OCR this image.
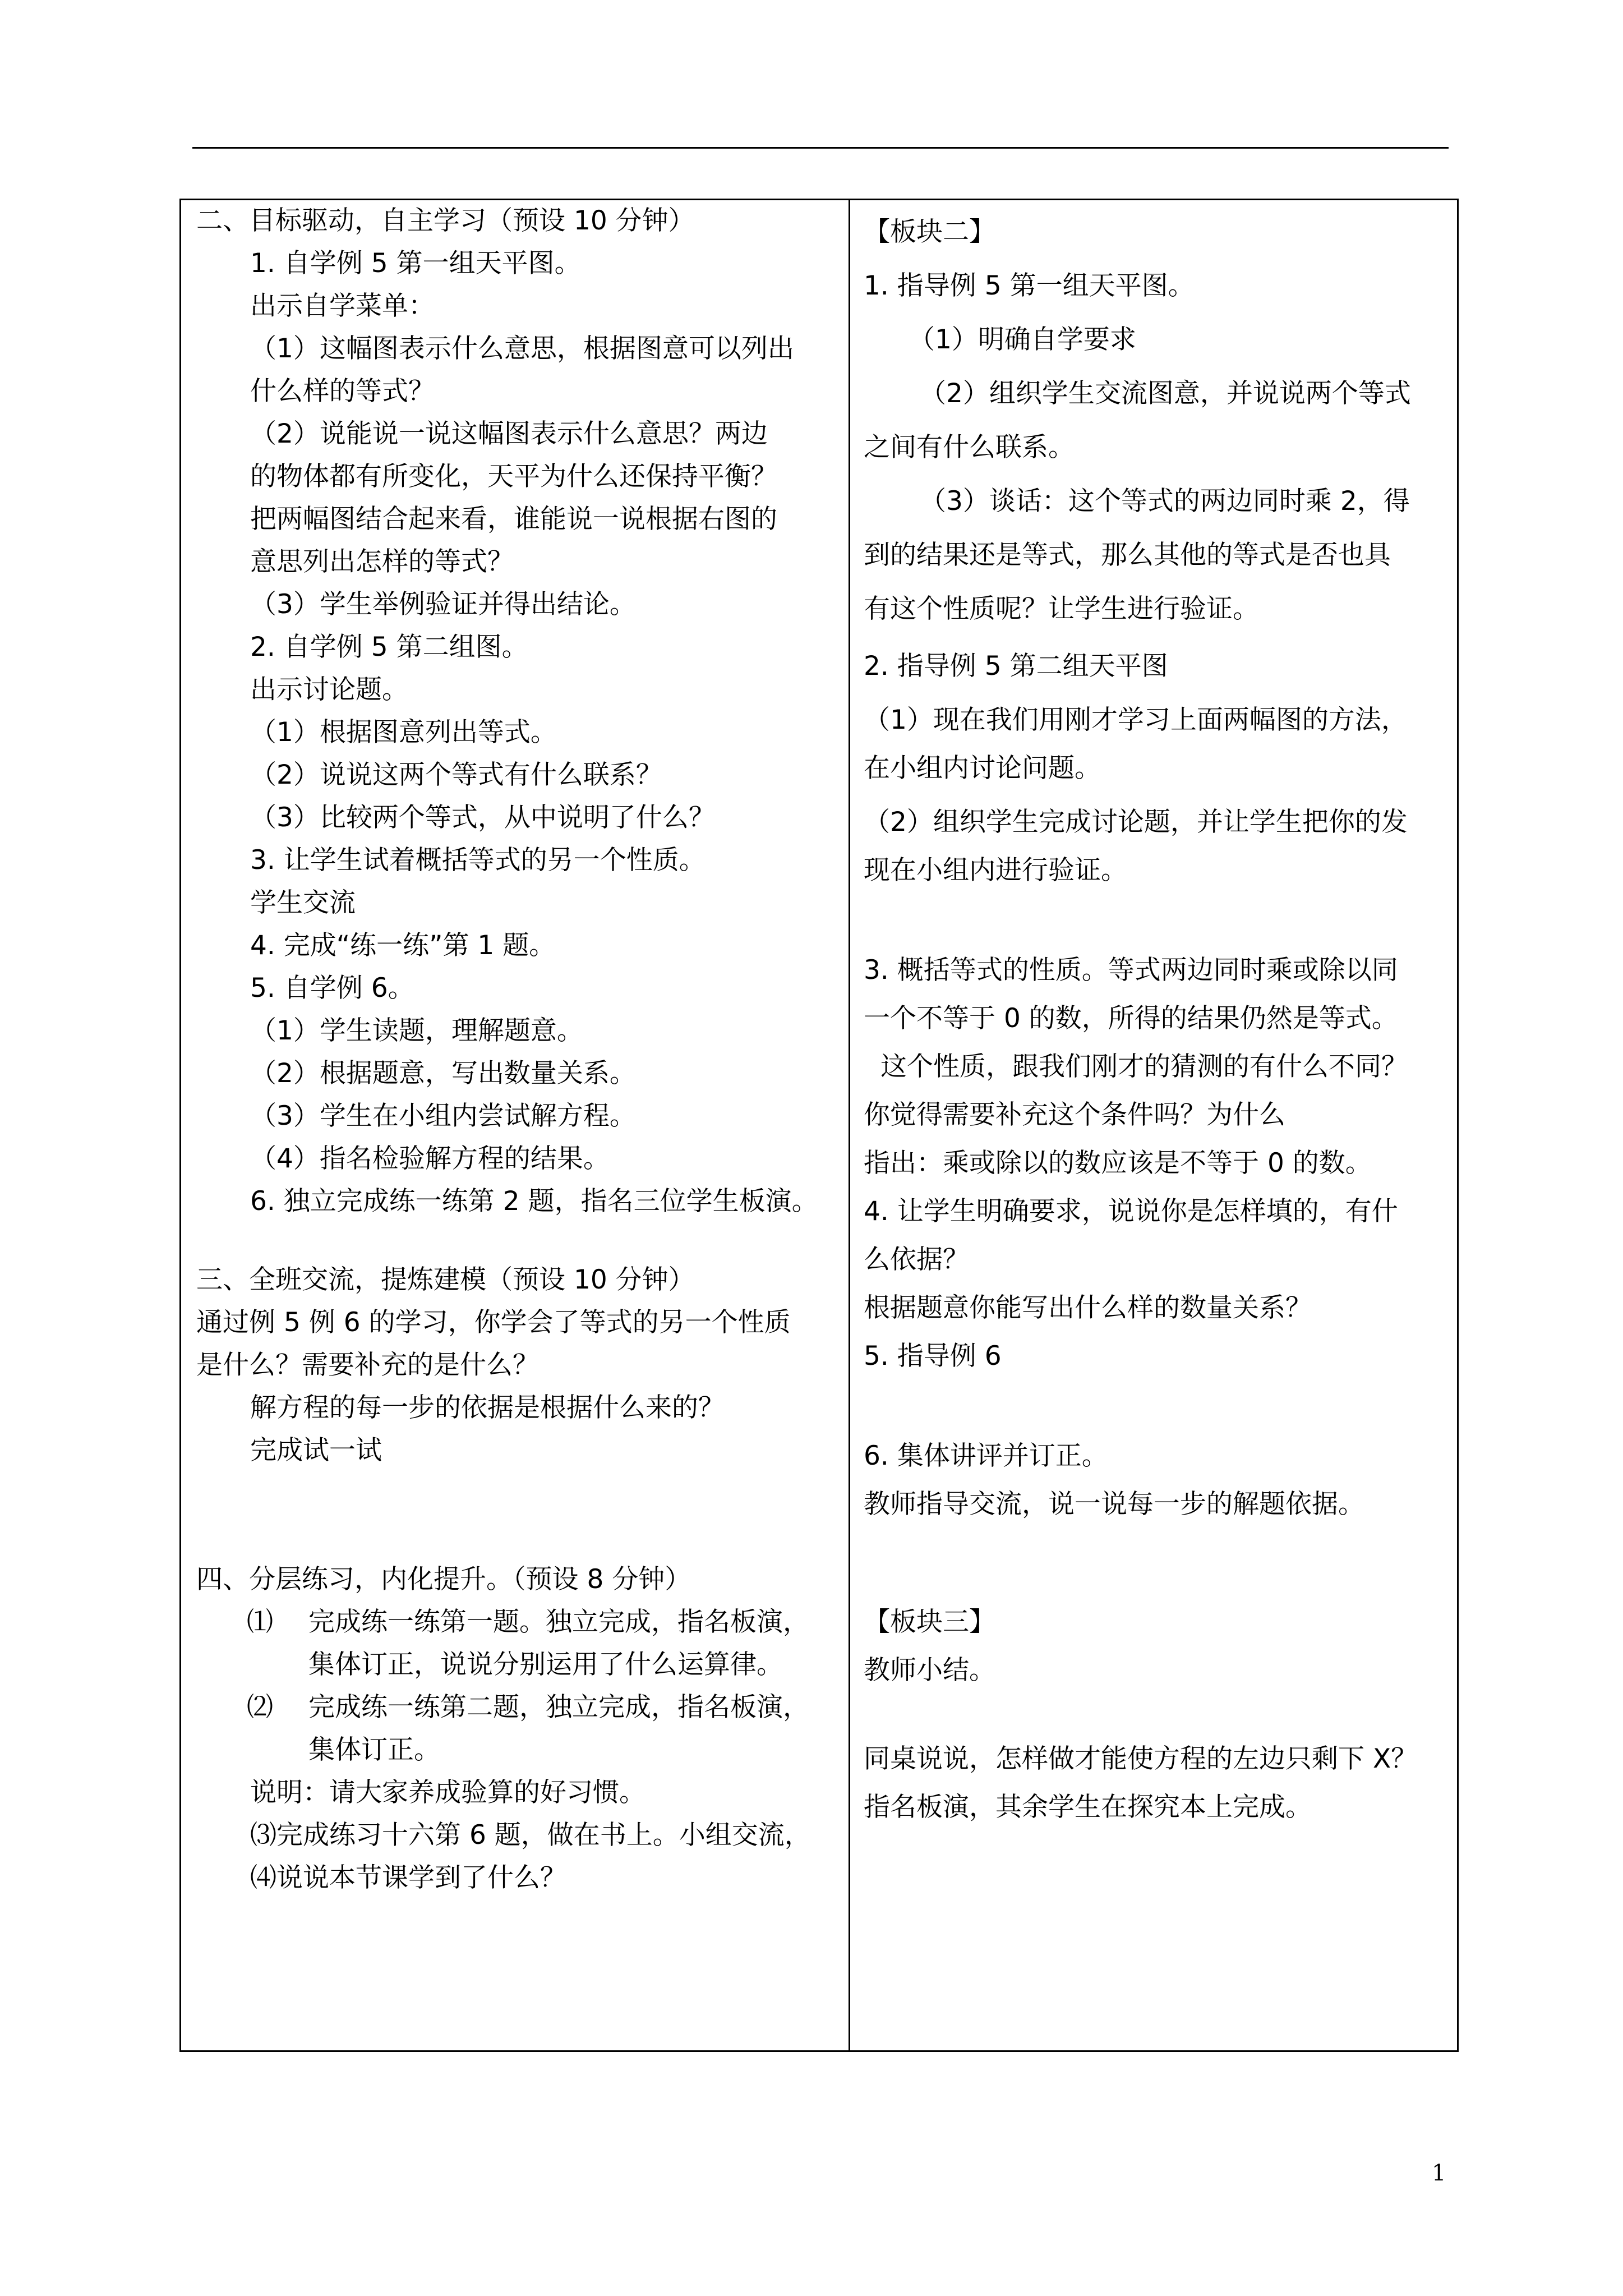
二、目标驱动，自主学习（预设 10 分钟）
1. 自学例 5 第一组天平图。
出示自学菜单：
（1）这幅图表示什么意思，根据图意可以列出
什么样的等式？
（2）说能说一说这幅图表示什么意思？两边
的物体都有所变化，天平为什么还保持平衡？
把两幅图结合起来看，谁能说一说根据右图的
意思列出怎样的等式？
（3）学生举例验证并得出结论。
2. 自学例 5 第二组图。
出示讨论题。
（1）根据图意列出等式。
（2）说说这两个等式有什么联系？
（3）比较两个等式，从中说明了什么？
3. 让学生试着概括等式的另一个性质。
学生交流
4. 完成“练一练”第 1 题。
5. 自学例 6。
（1）学生读题，理解题意。
（2）根据题意，写出数量关系。
（3）学生在小组内尝试解方程。
（4）指名检验解方程的结果。
6. 独立完成练一练第 2 题，指名三位学生板演。
三、全班交流，提炼建模（预设 10 分钟）
通过例 5 例 6 的学习，你学会了等式的另一个性质
是什么？需要补充的是什么？
解方程的每一步的依据是根据什么来的？
完成试一试
四、分层练习，内化提升。（预设 8 分钟）
⑴ 完成练一练第一题。独立完成，指名板演，
集体订正，说说分别运用了什么运算律。
⑵ 完成练一练第二题，独立完成，指名板演，
集体订正。
说明：请大家养成验算的好习惯。
⑶完成练习十六第 6 题，做在书上。小组交流，
⑷说说本节课学到了什么？
【板块二】
1. 指导例 5 第一组天平图。
（1）明确自学要求
（2）组织学生交流图意，并说说两个等式
之间有什么联系。
（3）谈话：这个等式的两边同时乘 2，得
到的结果还是等式，那么其他的等式是否也具
有这个性质呢？让学生进行验证。
2. 指导例 5 第二组天平图
（1）现在我们用刚才学习上面两幅图的方法，
在小组内讨论问题。
（2）组织学生完成讨论题，并让学生把你的发
现在小组内进行验证。
3. 概括等式的性质。等式两边同时乘或除以同
一个不等于 0 的数，所得的结果仍然是等式。
这个性质，跟我们刚才的猜测的有什么不同？
你觉得需要补充这个条件吗？为什么
指出：乘或除以的数应该是不等于 0 的数。
4. 让学生明确要求，说说你是怎样填的，有什
么依据？
根据题意你能写出什么样的数量关系？
5. 指导例 6
6. 集体讲评并订正。
教师指导交流，说一说每一步的解题依据。
【板块三】
教师小结。
同桌说说，怎样做才能使方程的左边只剩下 X？
指名板演，其余学生在探究本上完成。
1
